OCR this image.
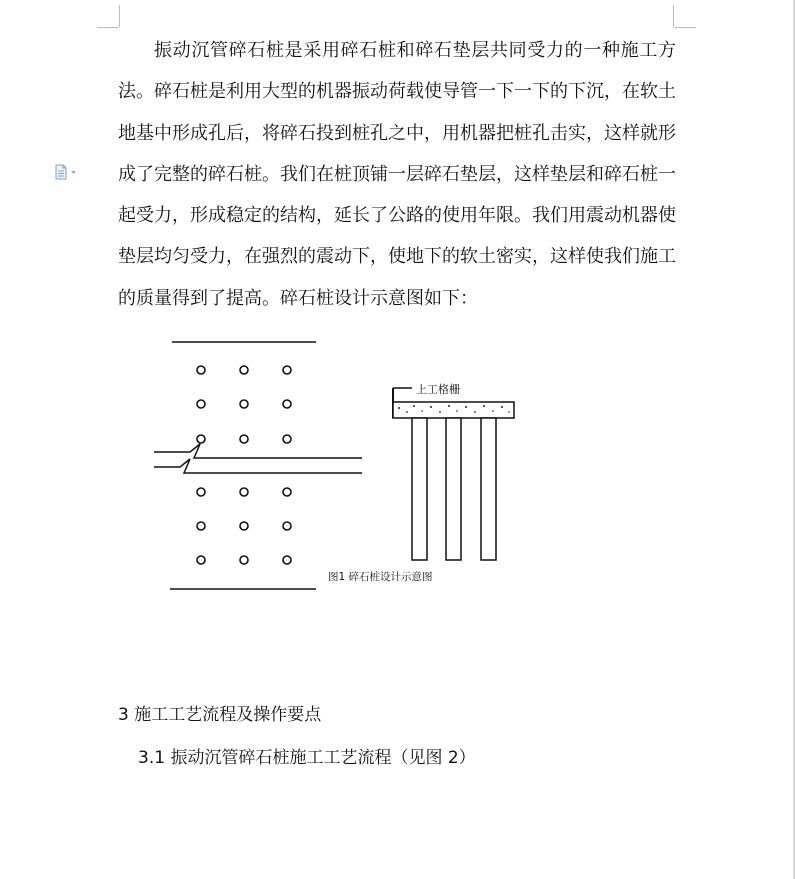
振动沉管碎石桩是采用碎石桩和碎石垫层共同受力的一种施工方法。碎石桩是利用大型的机器振动荷载使导管一下一下的下沉，在软土地基中形成孔后，将碎石投到桩孔之中，用机器把桩孔击实，这样就形成了完整的碎石桩。我们在桩顶铺一层碎石垫层，这样垫层和碎石桩一起受力，形成稳定的结构，延长了公路的使用年限。我们用震动机器使垫层均匀受力，在强烈的震动下，使地下的软土密实，这样使我们施工的质量得到了提高。碎石桩设计示意图如下：

上工格栅
图1 碎石桩设计示意图
3 施工工艺流程及操作要点
3.1 振动沉管碎石桩施工工艺流程（见图 2）
